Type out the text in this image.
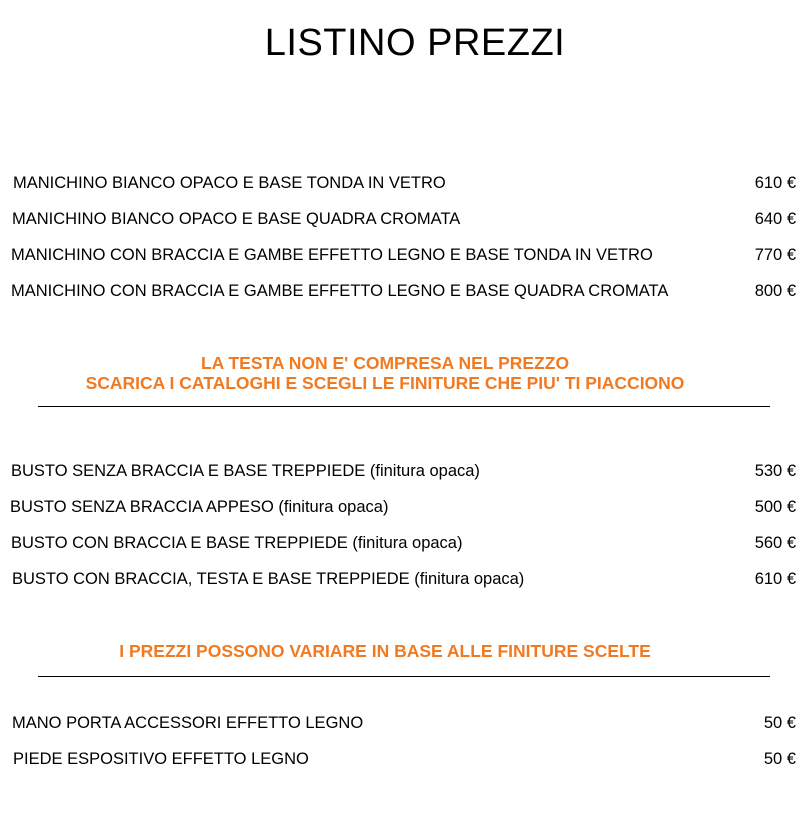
LISTINO PREZZI
MANICHINO BIANCO OPACO E BASE TONDA IN VETRO	610 €
MANICHINO BIANCO OPACO E BASE QUADRA CROMATA	640 €
MANICHINO CON BRACCIA E GAMBE EFFETTO LEGNO E BASE TONDA IN VETRO	770 €
MANICHINO CON BRACCIA E GAMBE EFFETTO LEGNO E BASE QUADRA CROMATA	800 €
LA TESTA NON E' COMPRESA NEL PREZZO
SCARICA I CATALOGHI E SCEGLI LE FINITURE CHE PIU' TI PIACCIONO
BUSTO SENZA BRACCIA E BASE TREPPIEDE (finitura opaca)	530 €
BUSTO SENZA BRACCIA APPESO (finitura opaca)	500 €
BUSTO CON BRACCIA E BASE TREPPIEDE (finitura opaca)	560 €
BUSTO CON BRACCIA, TESTA E BASE TREPPIEDE (finitura opaca)	610 €
I PREZZI POSSONO VARIARE IN BASE ALLE FINITURE SCELTE
MANO PORTA ACCESSORI EFFETTO LEGNO	50 €
PIEDE ESPOSITIVO EFFETTO LEGNO	50 €
